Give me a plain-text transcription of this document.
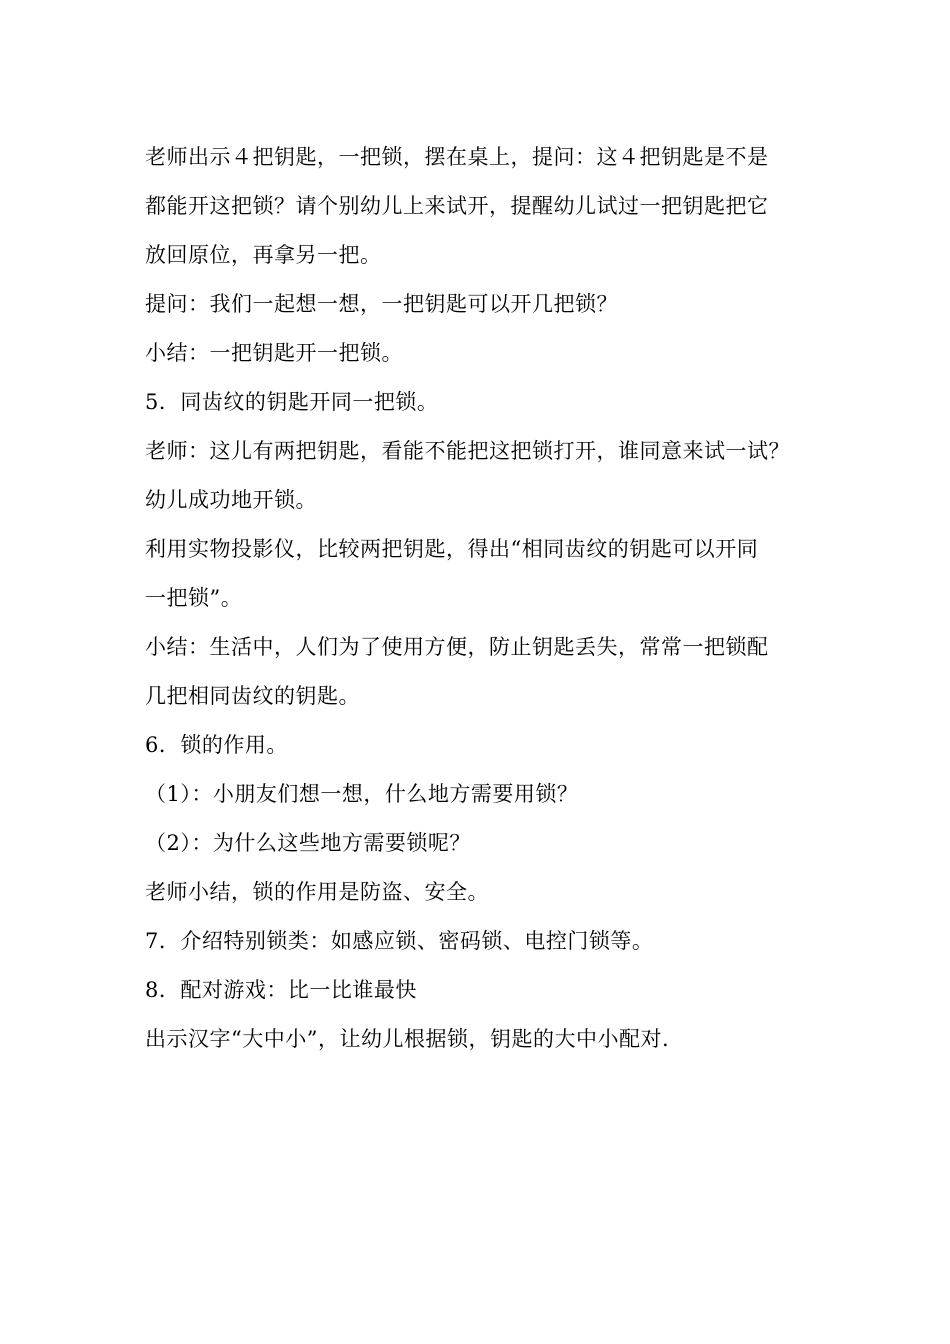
老师出示４把钥匙，一把锁，摆在桌上，提问：这４把钥匙是不是
都能开这把锁？请个别幼儿上来试开，提醒幼儿试过一把钥匙把它
放回原位，再拿另一把。
提问：我们一起想一想，一把钥匙可以开几把锁？
小结：一把钥匙开一把锁。
5．同齿纹的钥匙开同一把锁。
老师：这儿有两把钥匙，看能不能把这把锁打开，谁同意来试一试？
幼儿成功地开锁。
利用实物投影仪，比较两把钥匙，得出“相同齿纹的钥匙可以开同
一把锁”。
小结：生活中，人们为了使用方便，防止钥匙丢失，常常一把锁配
几把相同齿纹的钥匙。
6．锁的作用。
（1）：小朋友们想一想，什么地方需要用锁？
（2）：为什么这些地方需要锁呢？
老师小结，锁的作用是防盗、安全。
7．介绍特别锁类：如感应锁、密码锁、电控门锁等。
8．配对游戏：比一比谁最快
出示汉字“大中小”，让幼儿根据锁，钥匙的大中小配对.
